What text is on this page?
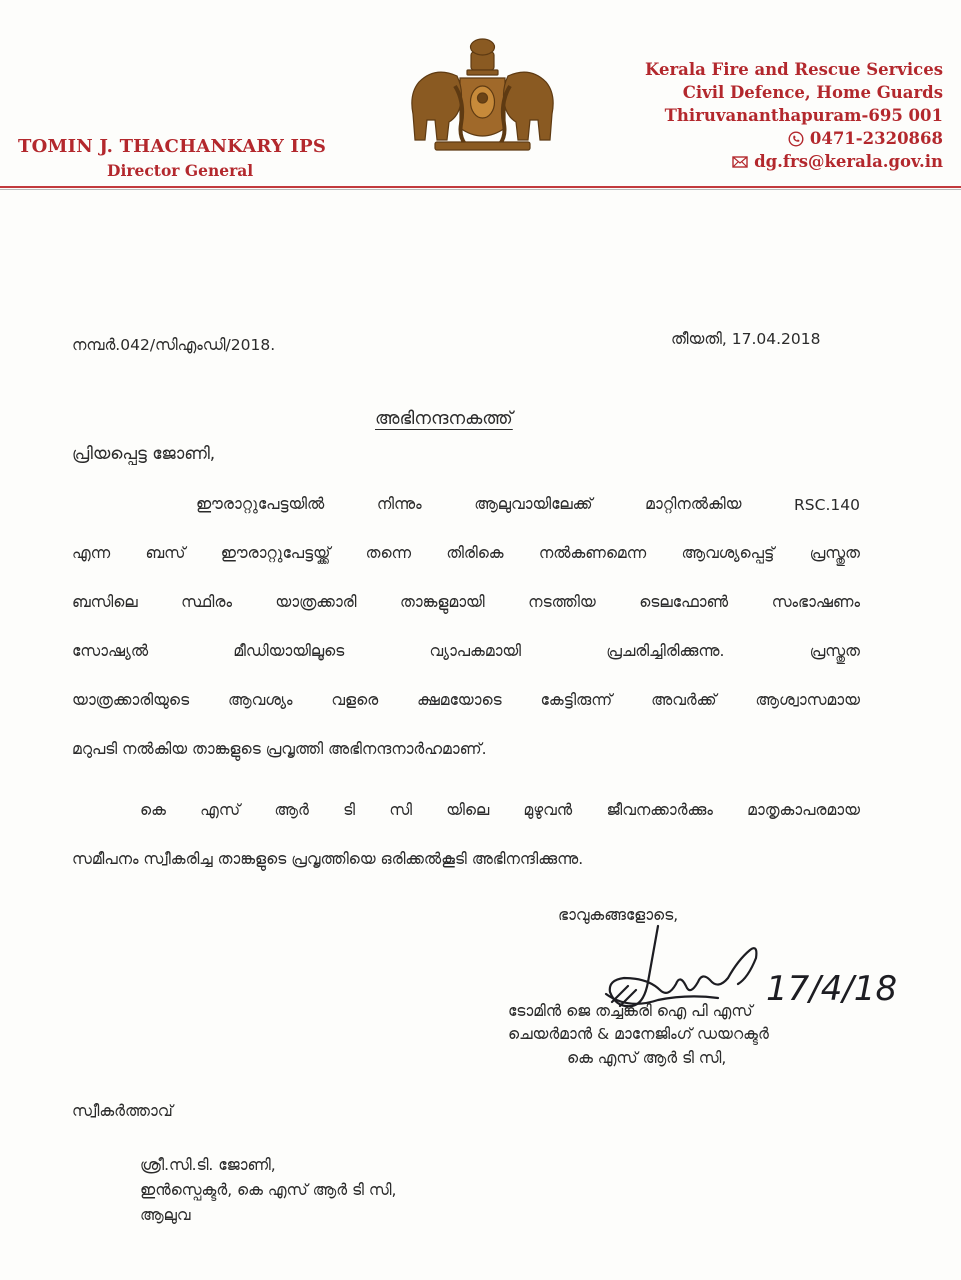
TOMIN J. THACHANKARY IPS
Director General
Kerala Fire and Rescue Services
Civil Defence, Home Guards
Thiruvananthapuram-695 001
0471-2320868
dg.frs@kerala.gov.in
നമ്പർ.042/സിഎംഡി/2018.	തീയതി, 17.04.2018
അഭിനന്ദനകത്ത്
പ്രിയപ്പെട്ട ജോണി,
ഈരാറ്റുപേട്ടയിൽ	നിന്നും	ആലുവായിലേക്ക്	മാറ്റിനൽകിയ	RSC.140
എന്ന ബസ് ഈരാറ്റുപേട്ടയ്ക്ക് തന്നെ തിരികെ നൽകണമെന്ന ആവശ്യപ്പെട്ട് പ്രസ്തുത
ബസിലെ	സ്ഥിരം	യാത്രക്കാരി	താങ്കളുമായി	നടത്തിയ	ടെലഫോൺ	സംഭാഷണം
സോഷ്യൽ	മീഡിയായിലൂടെ	വ്യാപകമായി	പ്രചരിച്ചിരിക്കുന്നു.	പ്രസ്തുത
യാത്രക്കാരിയുടെ	ആവശ്യം	വളരെ	ക്ഷമയോടെ	കേട്ടിരുന്ന്	അവർക്ക്	ആശ്വാസമായ
മറുപടി നൽകിയ താങ്കളുടെ പ്രവൃത്തി അഭിനന്ദനാർഹമാണ്.
കെ എസ് ആർ ടി സി യിലെ മുഴുവൻ ജീവനക്കാർക്കും മാതൃകാപരമായ
സമീപനം സ്വീകരിച്ച താങ്കളുടെ പ്രവൃത്തിയെ ഒരിക്കൽകൂടി അഭിനന്ദിക്കുന്നു.
ഭാവുകങ്ങളോടെ,
17/4/18
ടോമിൻ ജെ തച്ചങ്കരി ഐ പി എസ്
ചെയർമാൻ & മാനേജിംഗ് ഡയറക്ടർ
കെ എസ് ആർ ടി സി,
സ്വീകർത്താവ്
ശ്രീ.സി.ടി. ജോണി,
ഇൻസ്പെക്ടർ, കെ എസ് ആർ ടി സി,
ആലുവ
